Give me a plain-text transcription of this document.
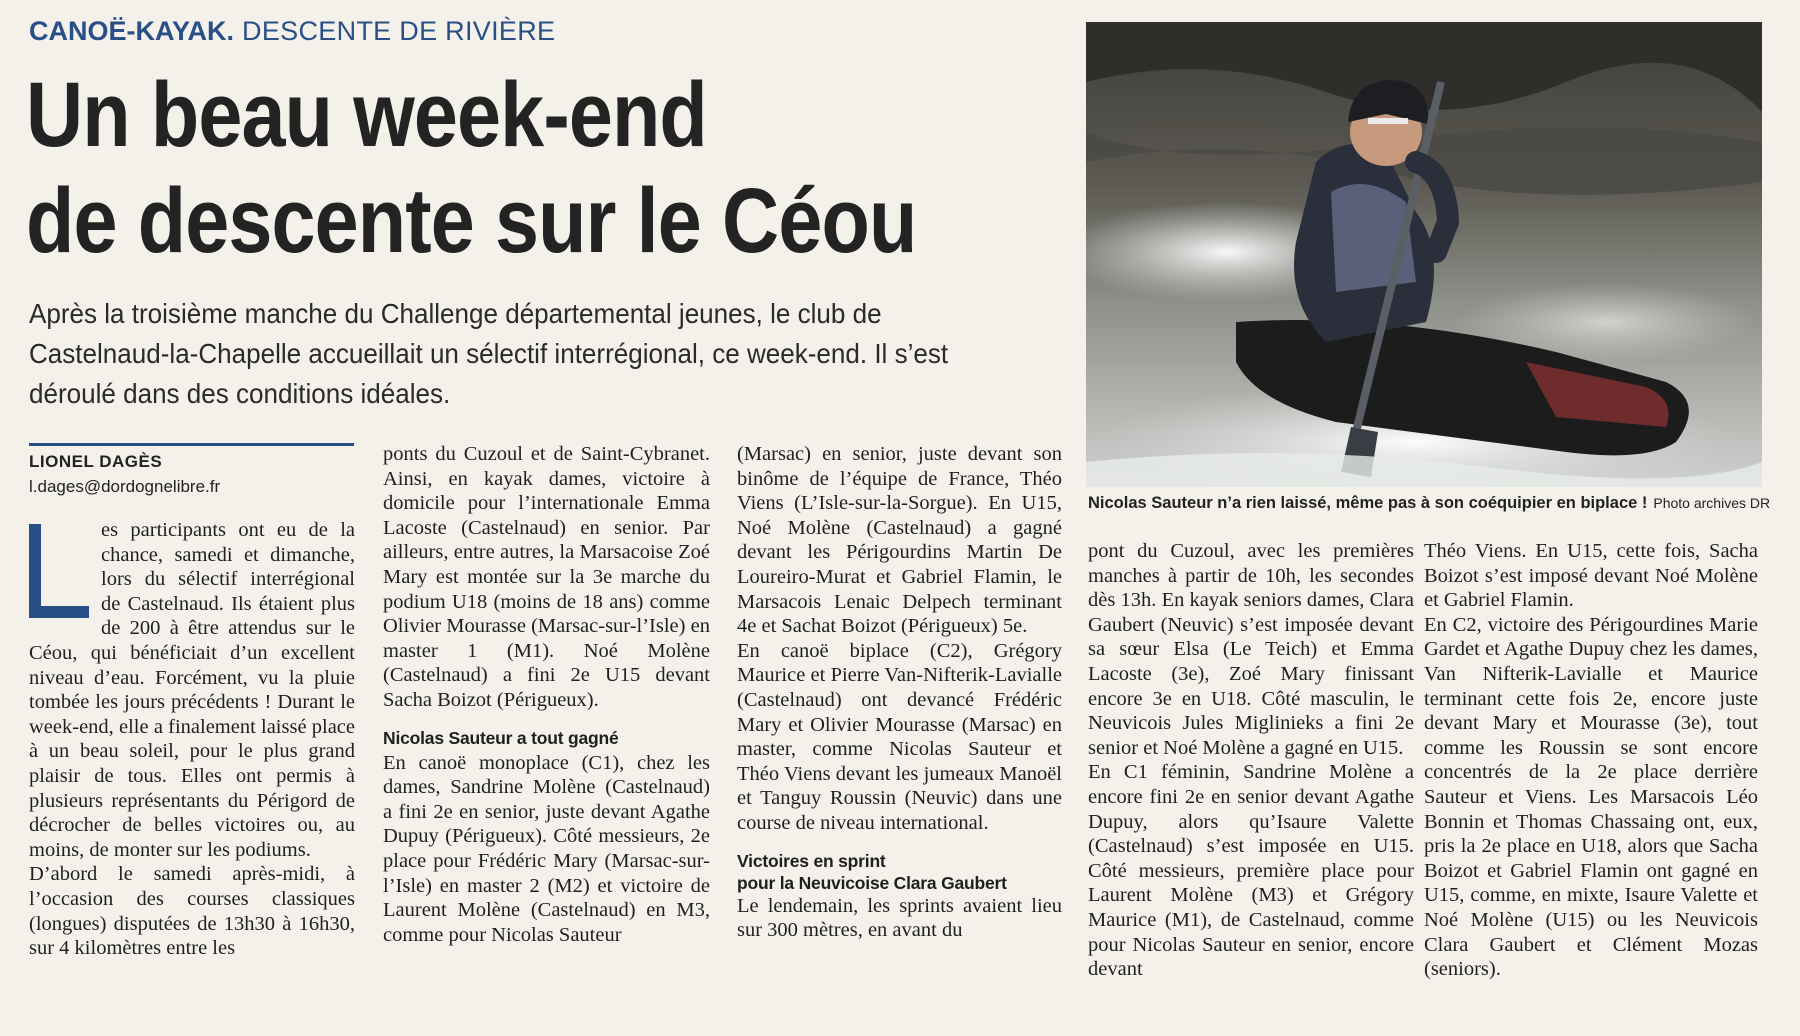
CANOË-KAYAK. DESCENTE DE RIVIÈRE
Un beau week-end
de descente sur le Céou
Après la troisième manche du Challenge départemental jeunes, le club de Castelnaud-la-Chapelle accueillait un sélectif interrégional, ce week-end. Il s’est déroulé dans des conditions idéales.
LIONEL DAGÈS
l.dages@dordognelibre.fr

es participants ont eu de la chance, samedi et dimanche, lors du sélectif interrégional de Castelnaud. Ils étaient plus de 200 à être attendus sur le Céou, qui bénéficiait d’un excellent niveau d’eau. Forcément, vu la pluie tombée les jours précédents ! Durant le week-end, elle a finalement laissé place à un beau soleil, pour le plus grand plaisir de tous. Elles ont permis à plusieurs représentants du Périgord de décrocher de belles victoires ou, au moins, de monter sur les podiums.

D’abord le samedi après-midi, à l’occasion des courses classiques (longues) disputées de 13h30 à 16h30, sur 4 kilomètres entre les

ponts du Cuzoul et de Saint-Cybranet. Ainsi, en kayak dames, victoire à domicile pour l’internationale Emma Lacoste (Castelnaud) en senior. Par ailleurs, entre autres, la Marsacoise Zoé Mary est montée sur la 3e marche du podium U18 (moins de 18 ans) comme Olivier Mourasse (Marsac-sur-l’Isle) en master 1 (M1). Noé Molène (Castelnaud) a fini 2e U15 devant Sacha Boizot (Périgueux).

Nicolas Sauteur a tout gagné

En canoë monoplace (C1), chez les dames, Sandrine Molène (Castelnaud) a fini 2e en senior, juste devant Agathe Dupuy (Périgueux). Côté messieurs, 2e place pour Frédéric Mary (Marsac-sur-l’Isle) en master 2 (M2) et victoire de Laurent Molène (Castelnaud) en M3, comme pour Nicolas Sauteur

(Marsac) en senior, juste devant son binôme de l’équipe de France, Théo Viens (L’Isle-sur-la-Sorgue). En U15, Noé Molène (Castelnaud) a gagné devant les Périgourdins Martin De Loureiro-Murat et Gabriel Flamin, le Marsacois Lenaic Delpech terminant 4e et Sachat Boizot (Périgueux) 5e.

En canoë biplace (C2), Grégory Maurice et Pierre Van-Nifterik-Lavialle (Castelnaud) ont devancé Frédéric Mary et Olivier Mourasse (Marsac) en master, comme Nicolas Sauteur et Théo Viens devant les jumeaux Manoël et Tanguy Roussin (Neuvic) dans une course de niveau international.

Victoires en sprint
pour la Neuvicoise Clara Gaubert

Le lendemain, les sprints avaient lieu sur 300 mètres, en avant du

Nicolas Sauteur n’a rien laissé, même pas à son coéquipier en biplace ! Photo archives DR

pont du Cuzoul, avec les premières manches à partir de 10h, les secondes dès 13h. En kayak seniors dames, Clara Gaubert (Neuvic) s’est imposée devant sa sœur Elsa (Le Teich) et Emma Lacoste (3e), Zoé Mary finissant encore 3e en U18. Côté masculin, le Neuvicois Jules Miglinieks a fini 2e senior et Noé Molène a gagné en U15.

En C1 féminin, Sandrine Molène a encore fini 2e en senior devant Agathe Dupuy, alors qu’Isaure Valette (Castelnaud) s’est imposée en U15. Côté messieurs, première place pour Laurent Molène (M3) et Grégory Maurice (M1), de Castelnaud, comme pour Nicolas Sauteur en senior, encore devant

Théo Viens. En U15, cette fois, Sacha Boizot s’est imposé devant Noé Molène et Gabriel Flamin.

En C2, victoire des Périgourdines Marie Gardet et Agathe Dupuy chez les dames, Van Nifterik-Lavialle et Maurice terminant cette fois 2e, encore juste devant Mary et Mourasse (3e), tout comme les Roussin se sont encore concentrés de la 2e place derrière Sauteur et Viens. Les Marsacois Léo Bonnin et Thomas Chassaing ont, eux, pris la 2e place en U18, alors que Sacha Boizot et Gabriel Flamin ont gagné en U15, comme, en mixte, Isaure Valette et Noé Molène (U15) ou les Neuvicois Clara Gaubert et Clément Mozas (seniors).
